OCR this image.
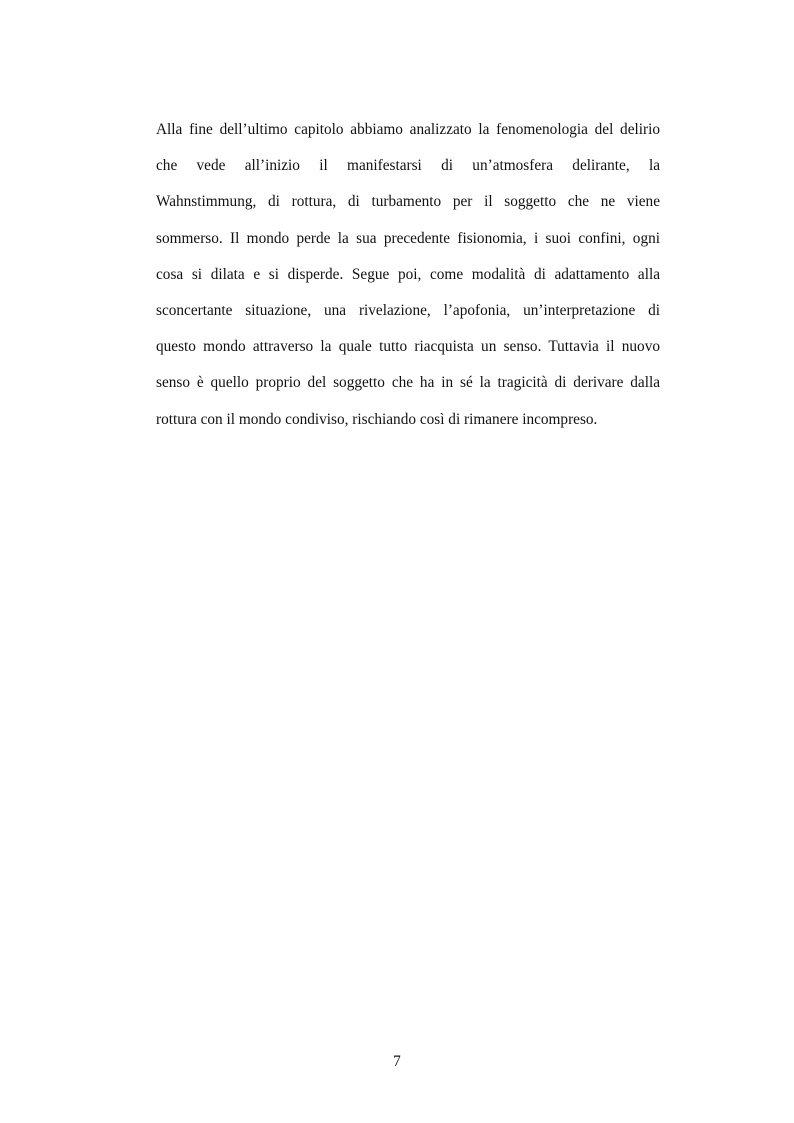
Alla fine dell’ultimo capitolo abbiamo analizzato la fenomenologia del delirio
che vede all’inizio il manifestarsi di un’atmosfera delirante, la
Wahnstimmung, di rottura, di turbamento per il soggetto che ne viene
sommerso. Il mondo perde la sua precedente fisionomia, i suoi confini, ogni
cosa si dilata e si disperde. Segue poi, come modalità di adattamento alla
sconcertante situazione, una rivelazione, l’apofonia, un’interpretazione di
questo mondo attraverso la quale tutto riacquista un senso. Tuttavia il nuovo
senso è quello proprio del soggetto che ha in sé la tragicità di derivare dalla
rottura con il mondo condiviso, rischiando così di rimanere incompreso.

7
